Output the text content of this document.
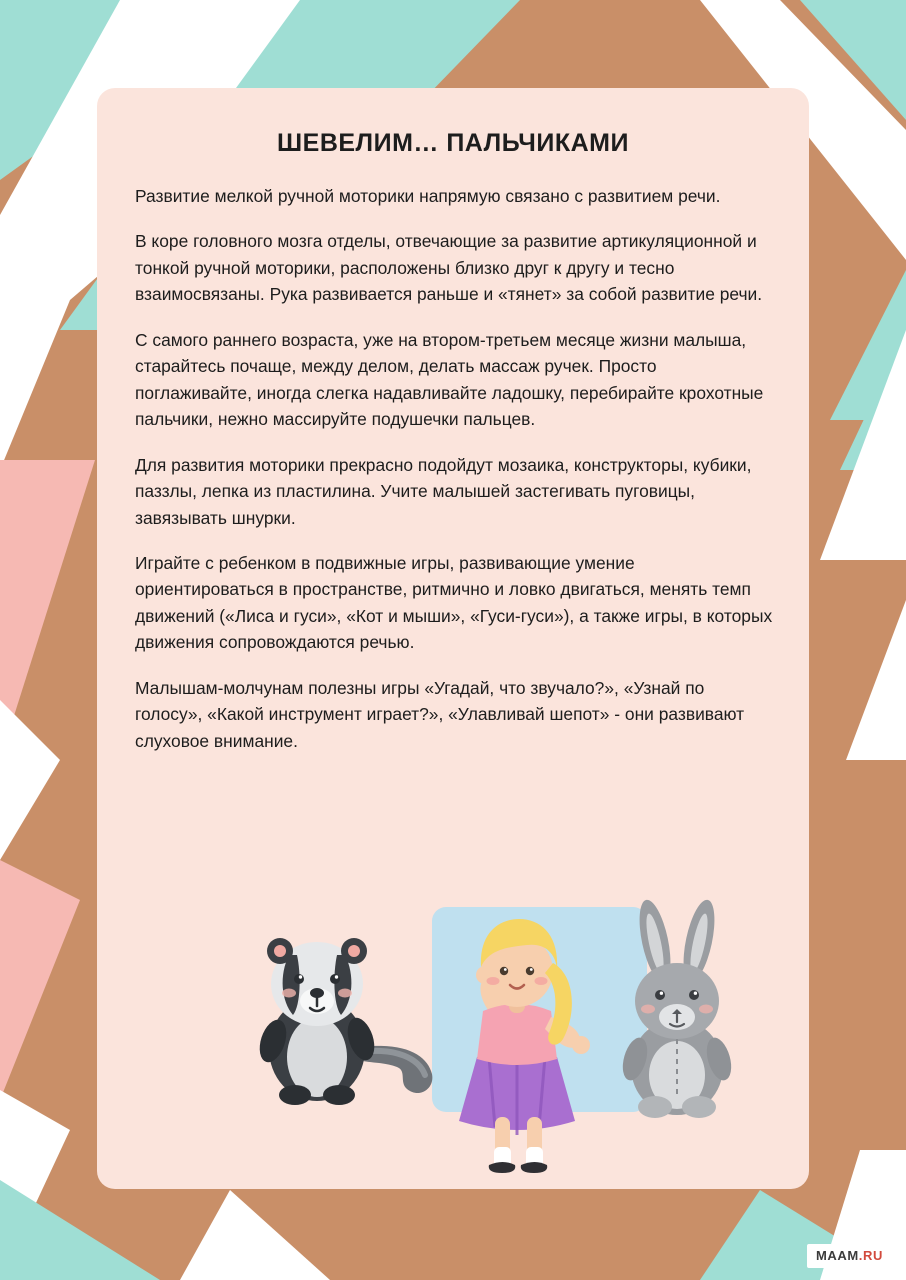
ШЕВЕЛИМ… ПАЛЬЧИКАМИ

Развитие мелкой ручной моторики напрямую связано с развитием речи.

В коре головного мозга отделы, отвечающие за развитие артикуляционной и тонкой ручной моторики, расположены близко друг к другу и тесно взаимосвязаны. Рука развивается раньше и «тянет» за собой развитие речи.

С самого раннего возраста, уже на втором-третьем месяце жизни малыша, старайтесь почаще, между делом, делать массаж ручек. Просто поглаживайте, иногда слегка надавливайте ладошку, перебирайте крохотные пальчики, нежно массируйте подушечки пальцев.

Для развития моторики прекрасно подойдут мозаика, конструкторы, кубики, паззлы, лепка из пластилина. Учите малышей застегивать пуговицы, завязывать шнурки.

Играйте с ребенком в подвижные игры, развивающие умение ориентироваться в пространстве, ритмично и ловко двигаться, менять темп движений («Лиса и гуси», «Кот и мыши», «Гуси-гуси»), а также игры, в которых движения сопровождаются речью.

Малышам-молчунам полезны игры «Угадай, что звучало?», «Узнай по голосу», «Какой инструмент играет?», «Улавливай шепот» - они развивают слуховое внимание.

MAAM.RU
